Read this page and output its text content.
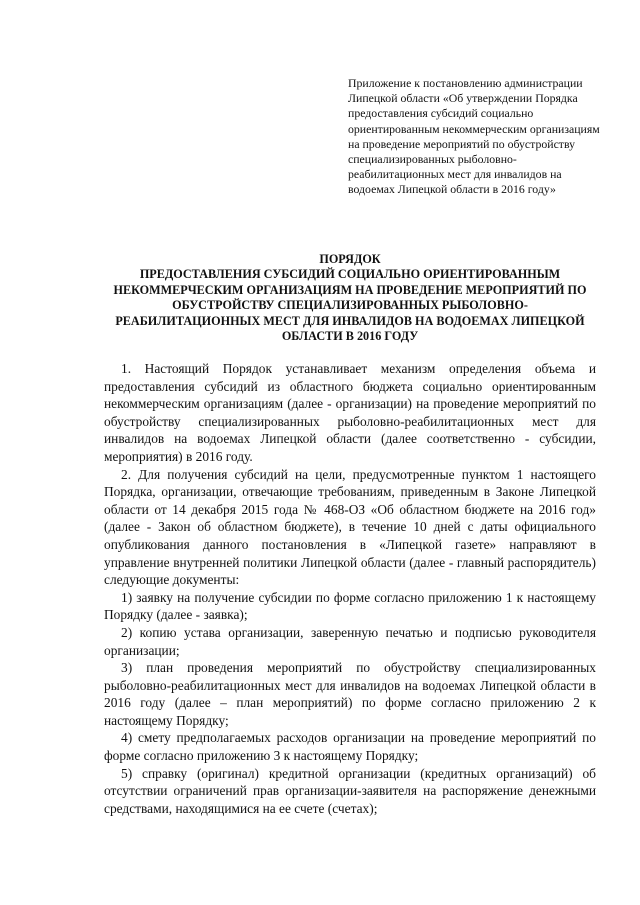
Приложение к постановлению администрации Липецкой области «Об утверждении Порядка предоставления субсидий социально ориентированным некоммерческим организациям на проведение мероприятий по обустройству специализированных рыболовно-реабилитационных мест для инвалидов на водоемах Липецкой области в 2016 году»

ПОРЯДОК
ПРЕДОСТАВЛЕНИЯ СУБСИДИЙ СОЦИАЛЬНО ОРИЕНТИРОВАННЫМ НЕКОММЕРЧЕСКИМ ОРГАНИЗАЦИЯМ НА ПРОВЕДЕНИЕ МЕРОПРИЯТИЙ ПО ОБУСТРОЙСТВУ СПЕЦИАЛИЗИРОВАННЫХ РЫБОЛОВНО-РЕАБИЛИТАЦИОННЫХ МЕСТ ДЛЯ ИНВАЛИДОВ НА ВОДОЕМАХ ЛИПЕЦКОЙ ОБЛАСТИ В 2016 ГОДУ

1. Настоящий Порядок устанавливает механизм определения объема и предоставления субсидий из областного бюджета социально ориентированным некоммерческим организациям (далее - организации) на проведение мероприятий по обустройству специализированных рыболовно-реабилитационных мест для инвалидов на водоемах Липецкой области (далее соответственно - субсидии, мероприятия) в 2016 году.

2. Для получения субсидий на цели, предусмотренные пунктом 1 настоящего Порядка, организации, отвечающие требованиям, приведенным в Законе Липецкой области от 14 декабря 2015 года № 468-ОЗ «Об областном бюджете на 2016 год» (далее - Закон об областном бюджете), в течение 10 дней с даты официального опубликования данного постановления в «Липецкой газете» направляют в управление внутренней политики Липецкой области (далее - главный распорядитель) следующие документы:

1) заявку на получение субсидии по форме согласно приложению 1 к настоящему Порядку (далее - заявка);

2) копию устава организации, заверенную печатью и подписью руководителя организации;

3) план проведения мероприятий по обустройству специализированных рыболовно-реабилитационных мест для инвалидов на водоемах Липецкой области в 2016 году (далее – план мероприятий) по форме согласно приложению 2 к настоящему Порядку;

4) смету предполагаемых расходов организации на проведение мероприятий по форме согласно приложению 3 к настоящему Порядку;

5) справку (оригинал) кредитной организации (кредитных организаций) об отсутствии ограничений прав организации-заявителя на распоряжение денежными средствами, находящимися на ее счете (счетах);
